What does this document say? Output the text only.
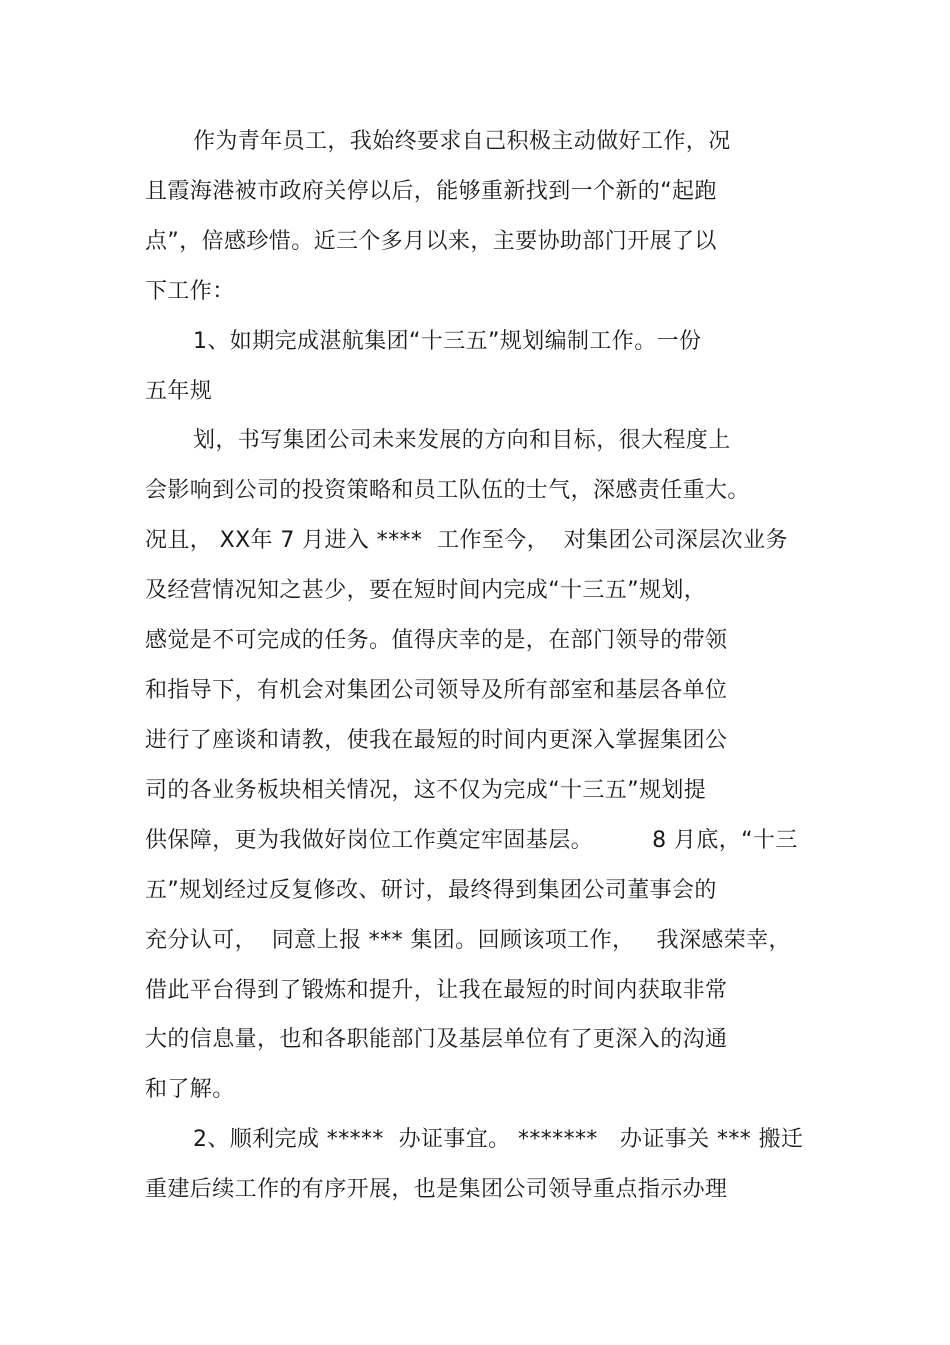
作为青年员工，我始终要求自己积极主动做好工作，况
且霞海港被市政府关停以后，能够重新找到一个新的“起跑
点”，倍感珍惜。近三个多月以来，主要协助部门开展了以
下工作：
1、如期完成湛航集团“十三五”规划编制工作。一份
五年规
划，书写集团公司未来发展的方向和目标，很大程度上
会影响到公司的投资策略和员工队伍的士气，深感责任重大。
况且， XX年 7 月进入 ****  工作至今，  对集团公司深层次业务
及经营情况知之甚少，要在短时间内完成“十三五”规划，
感觉是不可完成的任务。值得庆幸的是，在部门领导的带领
和指导下，有机会对集团公司领导及所有部室和基层各单位
进行了座谈和请教，使我在最短的时间内更深入掌握集团公
司的各业务板块相关情况，这不仅为完成“十三五”规划提
供保障，更为我做好岗位工作奠定牢固基层。        8 月底，“十三
五”规划经过反复修改、研讨，最终得到集团公司董事会的
充分认可，  同意上报 *** 集团。回顾该项工作，   我深感荣幸，
借此平台得到了锻炼和提升，让我在最短的时间内获取非常
大的信息量，也和各职能部门及基层单位有了更深入的沟通
和了解。
2、顺利完成 *****  办证事宜。 *******   办证事关 *** 搬迁
重建后续工作的有序开展，也是集团公司领导重点指示办理
